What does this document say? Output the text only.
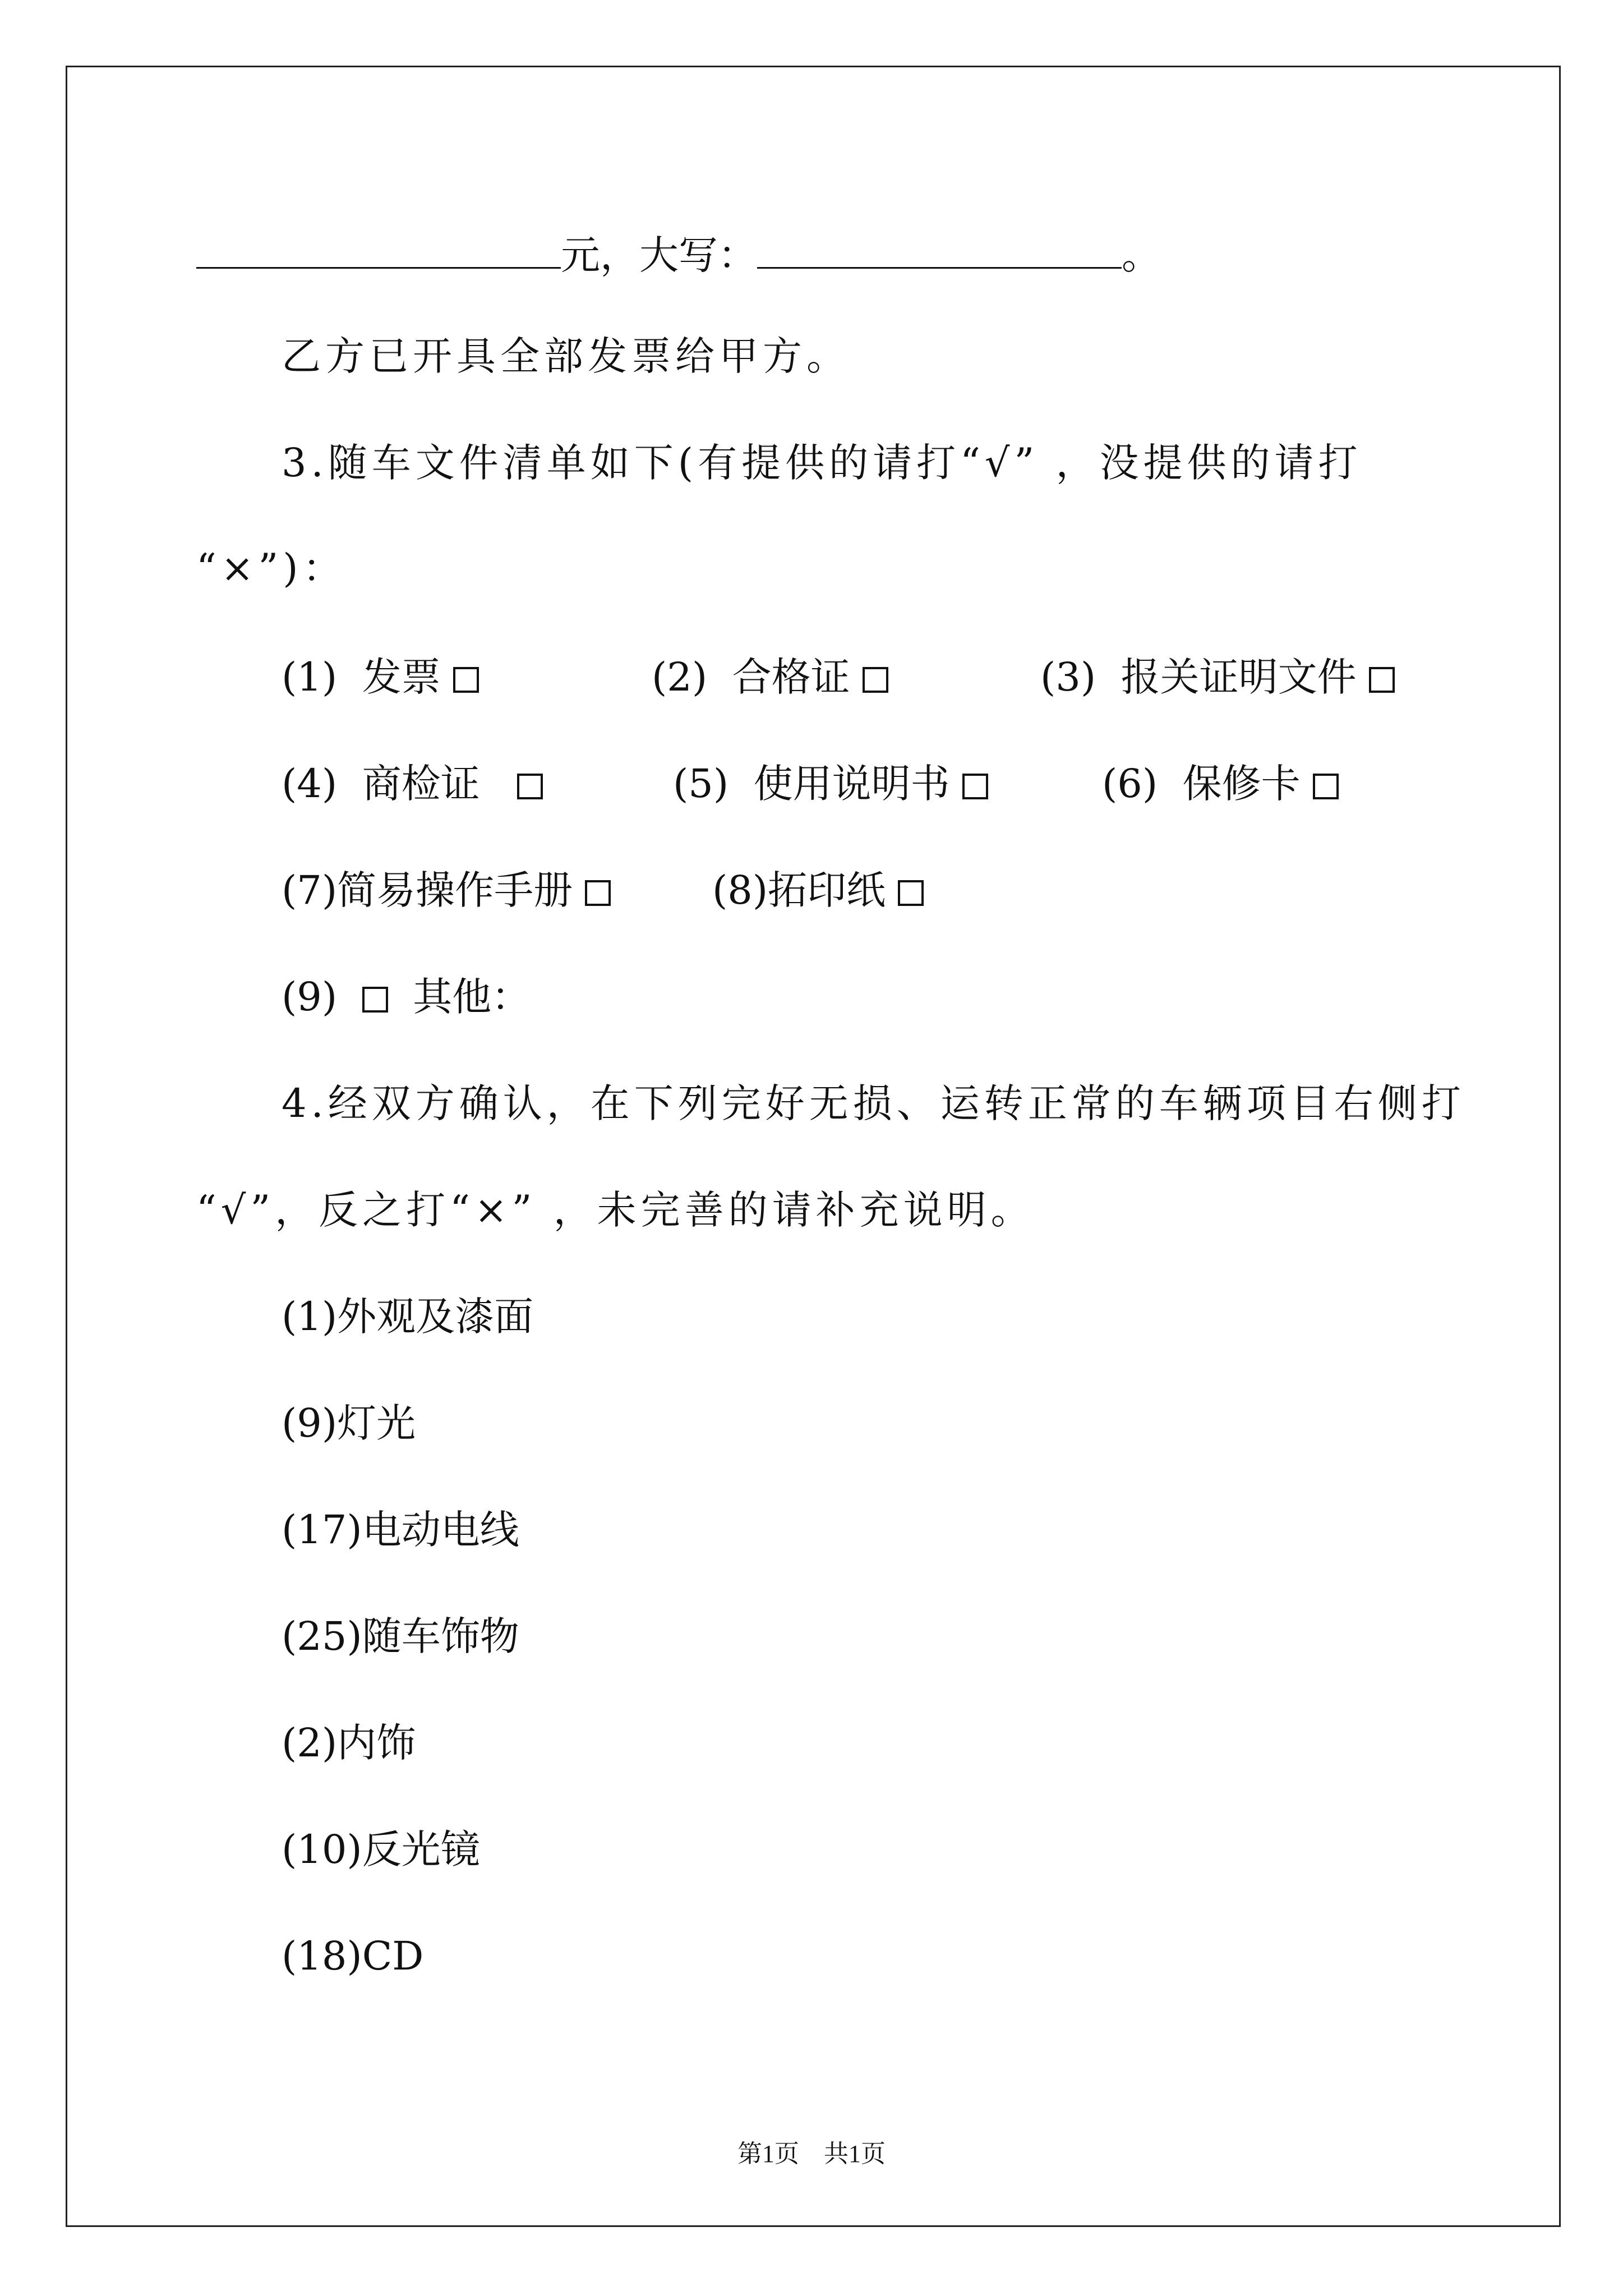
元，大写：	。
乙方已开具全部发票给甲方。
3.随车文件清单如下(有提供的请打“√” ，没提供的请打
“×”)：
(1) 发票	(2) 合格证	(3) 报关证明文件
(4) 商检证	(5) 使用说明书	(6) 保修卡
(7)简易操作手册	(8)拓印纸
(9) 其他：
4.经双方确认，在下列完好无损、运转正常的车辆项目右侧打
“√”，反之打“×” ，未完善的请补充说明。
(1)外观及漆面
(9)灯光
(17)电动电线
(25)随车饰物
(2)内饰
(10)反光镜
(18)CD
第1页　共1页
